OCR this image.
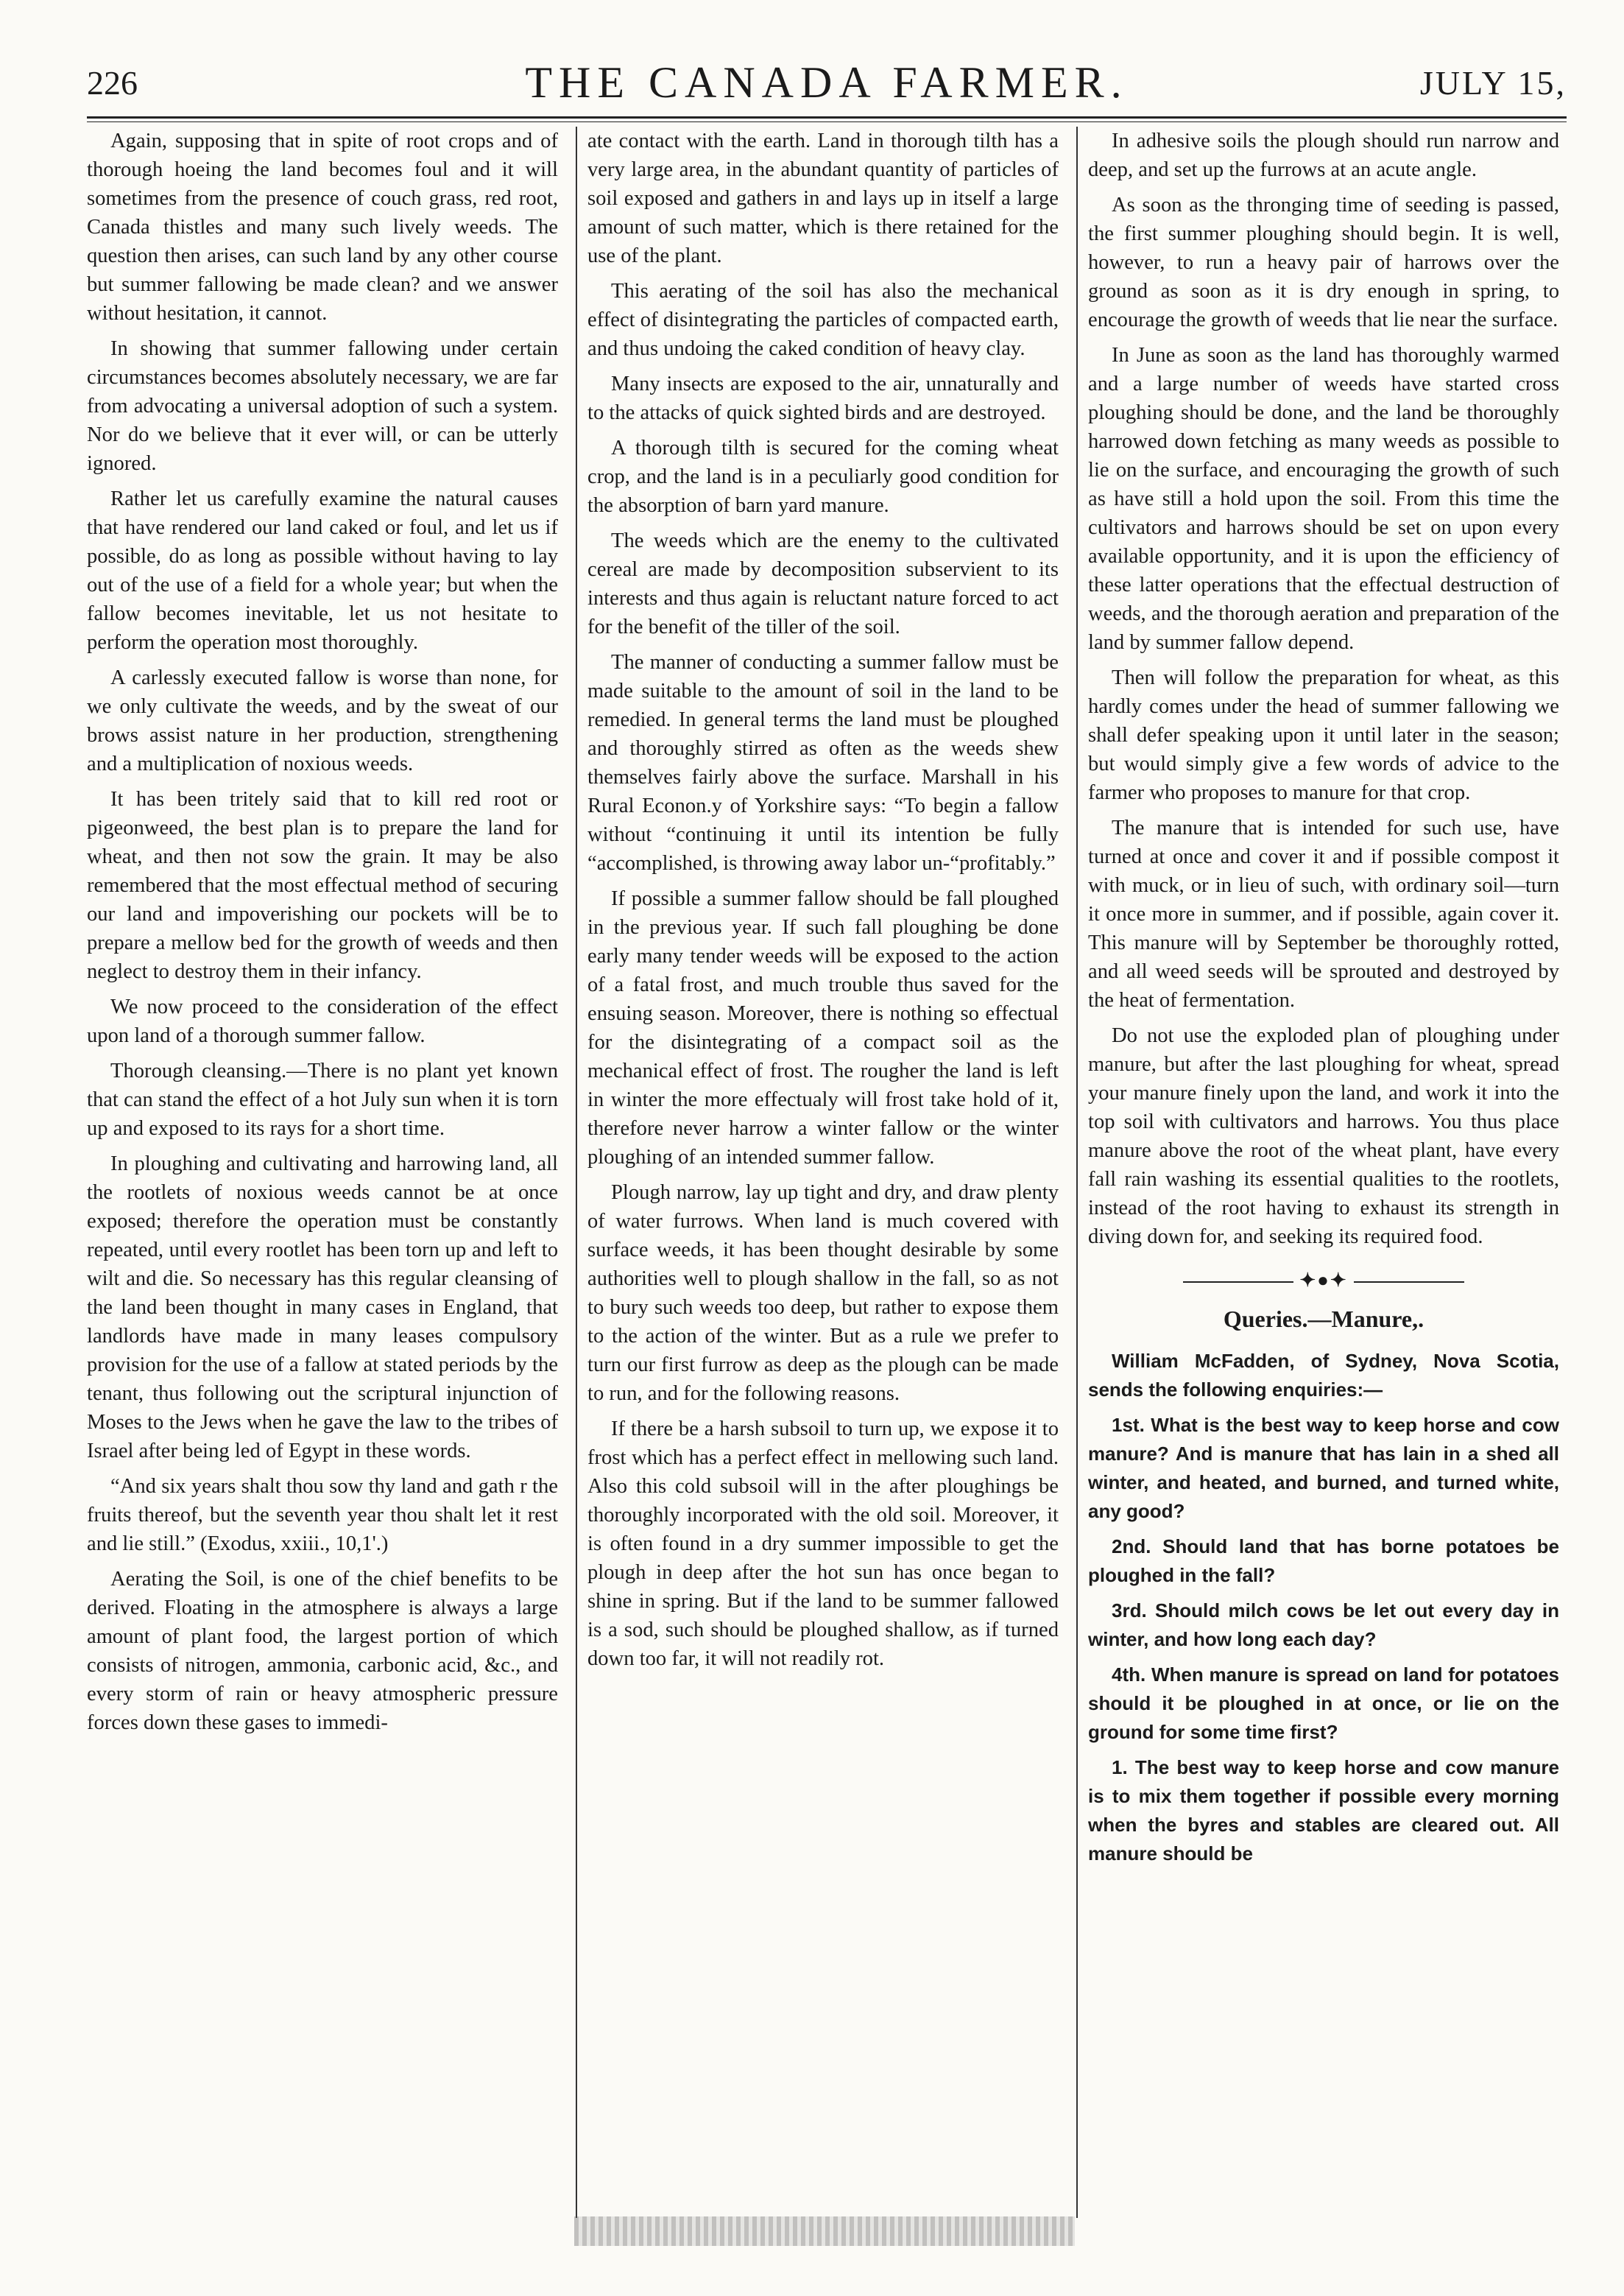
226	THE CANADA FARMER.	JULY 15,

Again, supposing that in spite of root crops and of thorough hoeing the land becomes foul and it will sometimes from the presence of couch grass, red root, Canada thistles and many such lively weeds. The question then arises, can such land by any other course but summer fallowing be made clean? and we answer without hesitation, it cannot.

In showing that summer fallowing under certain circumstances becomes absolutely necessary, we are far from advocating a universal adoption of such a system. Nor do we believe that it ever will, or can be utterly ignored.

Rather let us carefully examine the natural causes that have rendered our land caked or foul, and let us if possible, do as long as possible without having to lay out of the use of a field for a whole year; but when the fallow becomes inevitable, let us not hesitate to perform the operation most thoroughly.

A carlessly executed fallow is worse than none, for we only cultivate the weeds, and by the sweat of our brows assist nature in her production, strengthening and a multiplication of noxious weeds.

It has been tritely said that to kill red root or pigeonweed, the best plan is to prepare the land for wheat, and then not sow the grain. It may be also remembered that the most effectual method of securing our land and impoverishing our pockets will be to prepare a mellow bed for the growth of weeds and then neglect to destroy them in their infancy.

We now proceed to the consideration of the effect upon land of a thorough summer fallow.

Thorough cleansing.—There is no plant yet known that can stand the effect of a hot July sun when it is torn up and exposed to its rays for a short time.

In ploughing and cultivating and harrowing land, all the rootlets of noxious weeds cannot be at once exposed; therefore the operation must be constantly repeated, until every rootlet has been torn up and left to wilt and die. So necessary has this regular cleansing of the land been thought in many cases in England, that landlords have made in many leases compulsory provision for the use of a fallow at stated periods by the tenant, thus following out the scriptural injunction of Moses to the Jews when he gave the law to the tribes of Israel after being led of Egypt in these words.

“And six years shalt thou sow thy land and gath r the fruits thereof, but the seventh year thou shalt let it rest and lie still.” (Exodus, xxiii., 10,1'.)

Aerating the Soil, is one of the chief benefits to be derived. Floating in the atmosphere is always a large amount of plant food, the largest portion of which consists of nitrogen, ammonia, carbonic acid, &c., and every storm of rain or heavy atmospheric pressure forces down these gases to immedi-

ate contact with the earth. Land in thorough tilth has a very large area, in the abundant quantity of particles of soil exposed and gathers in and lays up in itself a large amount of such matter, which is there retained for the use of the plant.

This aerating of the soil has also the mechanical effect of disintegrating the particles of compacted earth, and thus undoing the caked condition of heavy clay.

Many insects are exposed to the air, unnaturally and to the attacks of quick sighted birds and are destroyed.

A thorough tilth is secured for the coming wheat crop, and the land is in a peculiarly good condition for the absorption of barn yard manure.

The weeds which are the enemy to the cultivated cereal are made by decomposition subservient to its interests and thus again is reluctant nature forced to act for the benefit of the tiller of the soil.

The manner of conducting a summer fallow must be made suitable to the amount of soil in the land to be remedied. In general terms the land must be ploughed and thoroughly stirred as often as the weeds shew themselves fairly above the surface. Marshall in his Rural Econon.y of Yorkshire says: “To begin a fallow without “continuing it until its intention be fully “accomplished, is throwing away labor un-“profitably.”

If possible a summer fallow should be fall ploughed in the previous year. If such fall ploughing be done early many tender weeds will be exposed to the action of a fatal frost, and much trouble thus saved for the ensuing season. Moreover, there is nothing so effectual for the disintegrating of a compact soil as the mechanical effect of frost. The rougher the land is left in winter the more effectualy will frost take hold of it, therefore never harrow a winter fallow or the winter ploughing of an intended summer fallow.

Plough narrow, lay up tight and dry, and draw plenty of water furrows. When land is much covered with surface weeds, it has been thought desirable by some authorities well to plough shallow in the fall, so as not to bury such weeds too deep, but rather to expose them to the action of the winter. But as a rule we prefer to turn our first furrow as deep as the plough can be made to run, and for the following reasons.

If there be a harsh subsoil to turn up, we expose it to frost which has a perfect effect in mellowing such land. Also this cold subsoil will in the after ploughings be thoroughly incorporated with the old soil. Moreover, it is often found in a dry summer impossible to get the plough in deep after the hot sun has once began to shine in spring. But if the land to be summer fallowed is a sod, such should be ploughed shallow, as if turned down too far, it will not readily rot.

In adhesive soils the plough should run narrow and deep, and set up the furrows at an acute angle.

As soon as the thronging time of seeding is passed, the first summer ploughing should begin. It is well, however, to run a heavy pair of harrows over the ground as soon as it is dry enough in spring, to encourage the growth of weeds that lie near the surface.

In June as soon as the land has thoroughly warmed and a large number of weeds have started cross ploughing should be done, and the land be thoroughly harrowed down fetching as many weeds as possible to lie on the surface, and encouraging the growth of such as have still a hold upon the soil. From this time the cultivators and harrows should be set on upon every available opportunity, and it is upon the efficiency of these latter operations that the effectual destruction of weeds, and the thorough aeration and preparation of the land by summer fallow depend.

Then will follow the preparation for wheat, as this hardly comes under the head of summer fallowing we shall defer speaking upon it until later in the season; but would simply give a few words of advice to the farmer who proposes to manure for that crop.

The manure that is intended for such use, have turned at once and cover it and if possible compost it with muck, or in lieu of such, with ordinary soil—turn it once more in summer, and if possible, again cover it. This manure will by September be thoroughly rotted, and all weed seeds will be sprouted and destroyed by the heat of fermentation.

Do not use the exploded plan of ploughing under manure, but after the last ploughing for wheat, spread your manure finely upon the land, and work it into the top soil with cultivators and harrows. You thus place manure above the root of the wheat plant, have every fall rain washing its essential qualities to the rootlets, instead of the root having to exhaust its strength in diving down for, and seeking its required food.

✦●✦
Queries.—Manure,.

William McFadden, of Sydney, Nova Scotia, sends the following enquiries:—

1st. What is the best way to keep horse and cow manure? And is manure that has lain in a shed all winter, and heated, and burned, and turned white, any good?

2nd. Should land that has borne potatoes be ploughed in the fall?

3rd. Should milch cows be let out every day in winter, and how long each day?

4th. When manure is spread on land for potatoes should it be ploughed in at once, or lie on the ground for some time first?

1. The best way to keep horse and cow manure is to mix them together if possible every morning when the byres and stables are cleared out. All manure should be
